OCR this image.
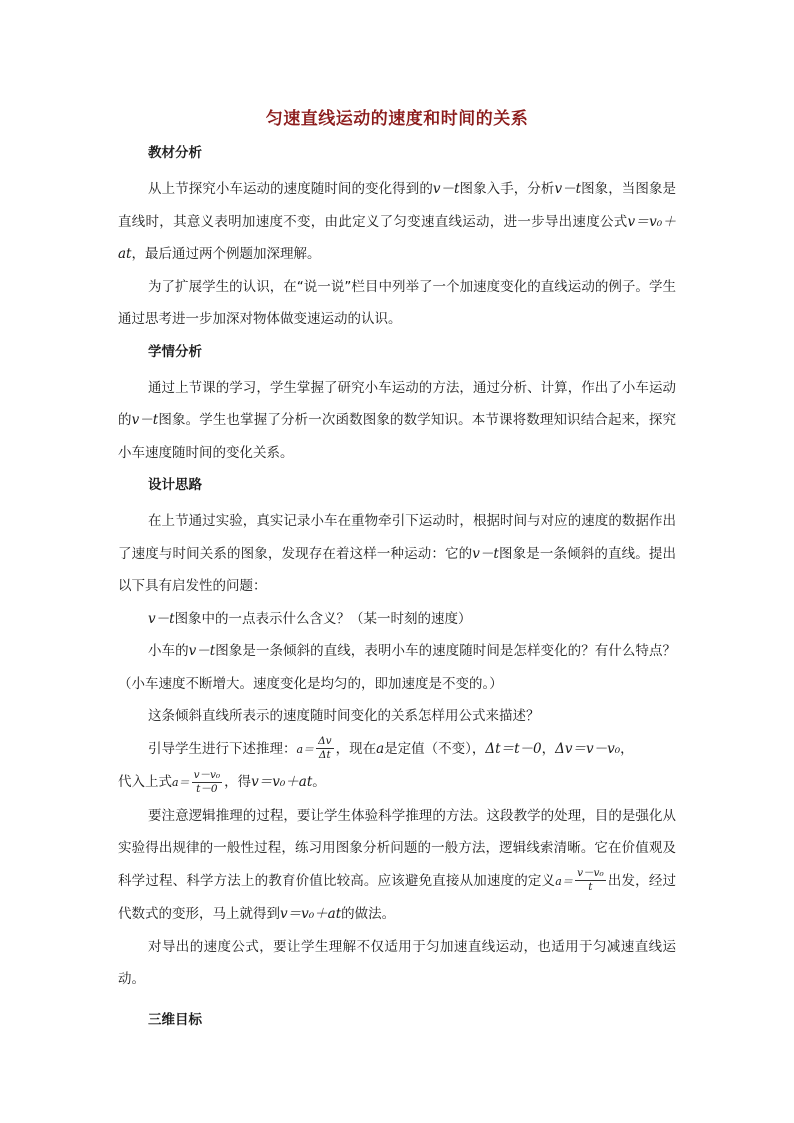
匀速直线运动的速度和时间的关系
教材分析

从上节探究小车运动的速度随时间的变化得到的v－t图象入手，分析v－t图象，当图象是直线时，其意义表明加速度不变，由此定义了匀变速直线运动，进一步导出速度公式v＝v₀＋at，最后通过两个例题加深理解。

为了扩展学生的认识，在“说一说”栏目中列举了一个加速度变化的直线运动的例子。学生通过思考进一步加深对物体做变速运动的认识。

学情分析

通过上节课的学习，学生掌握了研究小车运动的方法，通过分析、计算，作出了小车运动的v－t图象。学生也掌握了分析一次函数图象的数学知识。本节课将数理知识结合起来，探究小车速度随时间的变化关系。

设计思路

在上节通过实验，真实记录小车在重物牵引下运动时，根据时间与对应的速度的数据作出了速度与时间关系的图象，发现存在着这样一种运动：它的v－t图象是一条倾斜的直线。提出以下具有启发性的问题：

v－t图象中的一点表示什么含义？（某一时刻的速度）

小车的v－t图象是一条倾斜的直线，表明小车的速度随时间是怎样变化的？有什么特点？（小车速度不断增大。速度变化是均匀的，即加速度是不变的。）

这条倾斜直线所表示的速度随时间变化的关系怎样用公式来描述？

引导学生进行下述推理：$a= \frac{\Delta v}{\Delta t}$ ，现在a是定值（不变），Δt＝t－0，Δv＝v－v₀，

代入上式$a= \frac{\text{v－v₀}}{t-0}$ ，得v＝v₀＋at。

要注意逻辑推理的过程，要让学生体验科学推理的方法。这段教学的处理，目的是强化从实验得出规律的一般性过程，练习用图象分析问题的一般方法，逻辑线索清晰。它在价值观及科学过程、科学方法上的教育价值比较高。应该避免直接从加速度的定义$a= \frac{\text{v－v₀}}{t}$ 出发，经过代数式的变形，马上就得到v＝v₀＋at的做法。

对导出的速度公式，要让学生理解不仅适用于匀加速直线运动，也适用于匀减速直线运动。

三维目标
